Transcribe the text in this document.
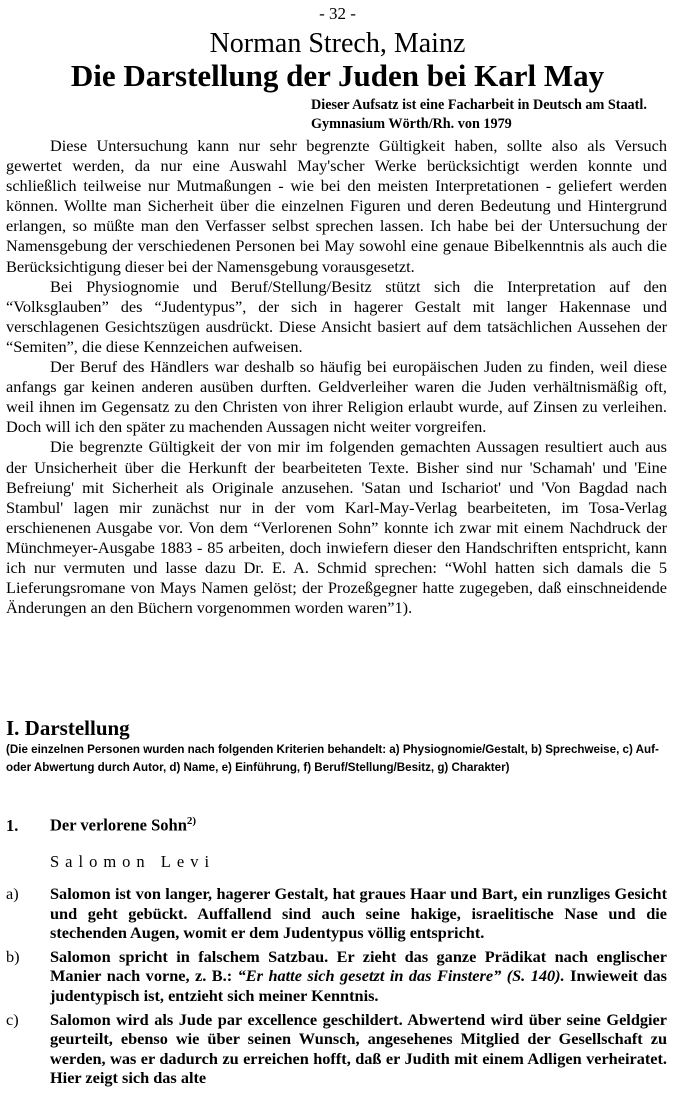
- 32 -
Norman Strech, Mainz
Die Darstellung der Juden bei Karl May
Dieser Aufsatz ist eine Facharbeit in Deutsch am Staatl. Gymnasium Wörth/Rh. von 1979

Diese Untersuchung kann nur sehr begrenzte Gültigkeit haben, sollte also als Versuch gewertet werden, da nur eine Auswahl May'scher Werke berücksichtigt werden konnte und schließlich teilweise nur Mutmaßungen - wie bei den meisten Interpretationen - geliefert werden können. Wollte man Sicherheit über die einzelnen Figuren und deren Bedeutung und Hintergrund erlangen, so müßte man den Verfasser selbst sprechen lassen. Ich habe bei der Untersuchung der Namensgebung der verschiedenen Personen bei May sowohl eine genaue Bibelkenntnis als auch die Berücksichtigung dieser bei der Namensgebung vorausgesetzt.

Bei Physiognomie und Beruf/Stellung/Besitz stützt sich die Interpretation auf den “Volksglauben” des “Judentypus”, der sich in hagerer Gestalt mit langer Hakennase und verschlagenen Gesichtszügen ausdrückt. Diese Ansicht basiert auf dem tatsächlichen Aussehen der “Semiten”, die diese Kennzeichen aufweisen.

Der Beruf des Händlers war deshalb so häufig bei europäischen Juden zu finden, weil diese anfangs gar keinen anderen ausüben durften. Geldverleiher waren die Juden verhältnismäßig oft, weil ihnen im Gegensatz zu den Christen von ihrer Religion erlaubt wurde, auf Zinsen zu verleihen. Doch will ich den später zu machenden Aussagen nicht weiter vorgreifen.

Die begrenzte Gültigkeit der von mir im folgenden gemachten Aussagen resultiert auch aus der Unsicherheit über die Herkunft der bearbeiteten Texte. Bisher sind nur 'Schamah' und 'Eine Befreiung' mit Sicherheit als Originale anzusehen. 'Satan und Ischariot' und 'Von Bagdad nach Stambul' lagen mir zunächst nur in der vom Karl-May-Verlag bearbeiteten, im Tosa-Verlag erschienenen Ausgabe vor. Von dem “Verlorenen Sohn” konnte ich zwar mit einem Nachdruck der Münchmeyer-Ausgabe 1883 - 85 arbeiten, doch inwiefern dieser den Handschriften entspricht, kann ich nur vermuten und lasse dazu Dr. E. A. Schmid sprechen: “Wohl hatten sich damals die 5 Lieferungsromane von Mays Namen gelöst; der Prozeßgegner hatte zugegeben, daß einschneidende Änderungen an den Büchern vorgenommen worden waren”1).

I. Darstellung
(Die einzelnen Personen wurden nach folgenden Kriterien behandelt: a) Physiognomie/Gestalt, b) Sprechweise, c) Auf- oder Abwertung durch Autor, d) Name, e) Einführung, f) Beruf/Stellung/Besitz, g) Charakter)
1. Der verlorene Sohn$^{2)}$
Salomon Levi
a) Salomon ist von langer, hagerer Gestalt, hat graues Haar und Bart, ein runzliges Gesicht und geht gebückt. Auffallend sind auch seine hakige, israelitische Nase und die stechenden Augen, womit er dem Judentypus völlig entspricht.
b) Salomon spricht in falschem Satzbau. Er zieht das ganze Prädikat nach englischer Manier nach vorne, z. B.: “Er hatte sich gesetzt in das Finstere” (S. 140). Inwieweit das judentypisch ist, entzieht sich meiner Kenntnis.
c) Salomon wird als Jude par excellence geschildert. Abwertend wird über seine Geldgier geurteilt, ebenso wie über seinen Wunsch, angesehenes Mitglied der Gesellschaft zu werden, was er dadurch zu erreichen hofft, daß er Judith mit einem Adligen verheiratet. Hier zeigt sich das alte
